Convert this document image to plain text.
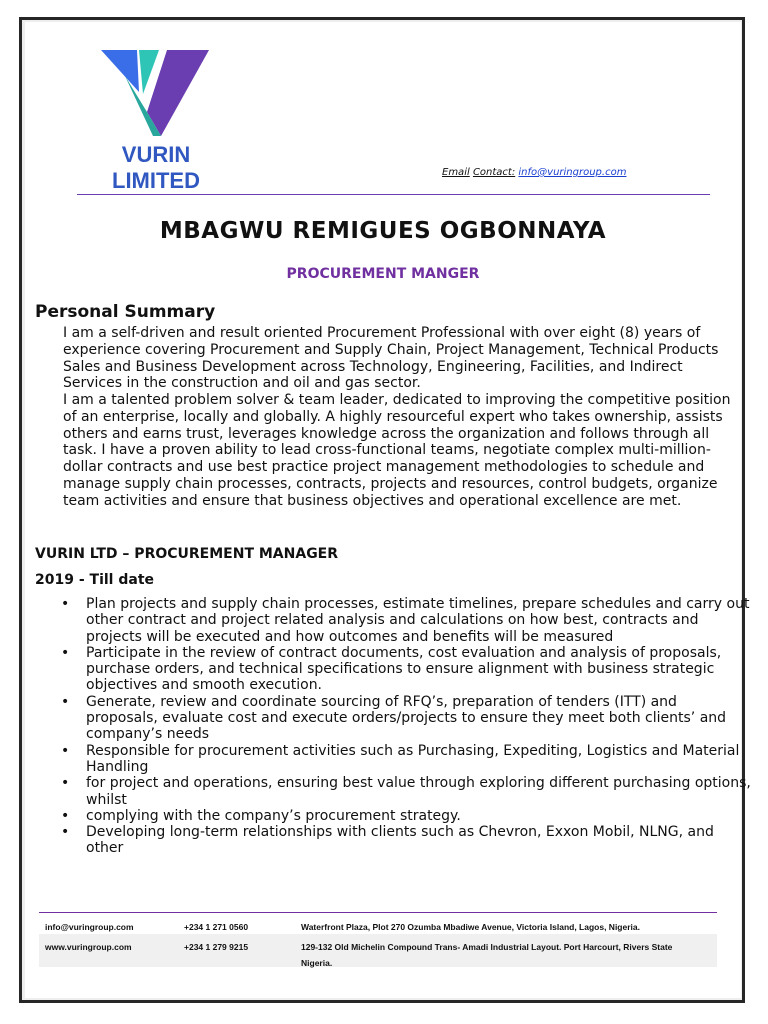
VURIN
LIMITED	Email Contact: info@vuringroup.com
MBAGWU REMIGUES OGBONNAYA
PROCUREMENT MANGER
Personal Summary
I am a self-driven and result oriented Procurement Professional with over eight (8) years of experience covering Procurement and Supply Chain, Project Management, Technical Products Sales and Business Development across Technology, Engineering, Facilities, and Indirect Services in the construction and oil and gas sector.
I am a talented problem solver & team leader, dedicated to improving the competitive position of an enterprise, locally and globally. A highly resourceful expert who takes ownership, assists others and earns trust, leverages knowledge across the organization and follows through all task. I have a proven ability to lead cross-functional teams, negotiate complex multi-million-dollar contracts and use best practice project management methodologies to schedule and manage supply chain processes, contracts, projects and resources, control budgets, organize team activities and ensure that business objectives and operational excellence are met.
VURIN LTD – PROCUREMENT MANAGER
2019 - Till date
• Plan projects and supply chain processes, estimate timelines, prepare schedules and carry out other contract and project related analysis and calculations on how best, contracts and projects will be executed and how outcomes and benefits will be measured
• Participate in the review of contract documents, cost evaluation and analysis of proposals, purchase orders, and technical specifications to ensure alignment with business strategic objectives and smooth execution.
• Generate, review and coordinate sourcing of RFQ’s, preparation of tenders (ITT) and proposals, evaluate cost and execute orders/projects to ensure they meet both clients’ and company’s needs
• Responsible for procurement activities such as Purchasing, Expediting, Logistics and Material Handling
• for project and operations, ensuring best value through exploring different purchasing options, whilst
• complying with the company’s procurement strategy.
• Developing long-term relationships with clients such as Chevron, Exxon Mobil, NLNG, and other
info@vuringroup.com	+234 1 271 0560	Waterfront Plaza, Plot 270 Ozumba Mbadiwe Avenue, Victoria Island, Lagos, Nigeria.
www.vuringroup.com	+234 1 279 9215	129-132 Old Michelin Compound Trans- Amadi Industrial Layout. Port Harcourt, Rivers State Nigeria.
